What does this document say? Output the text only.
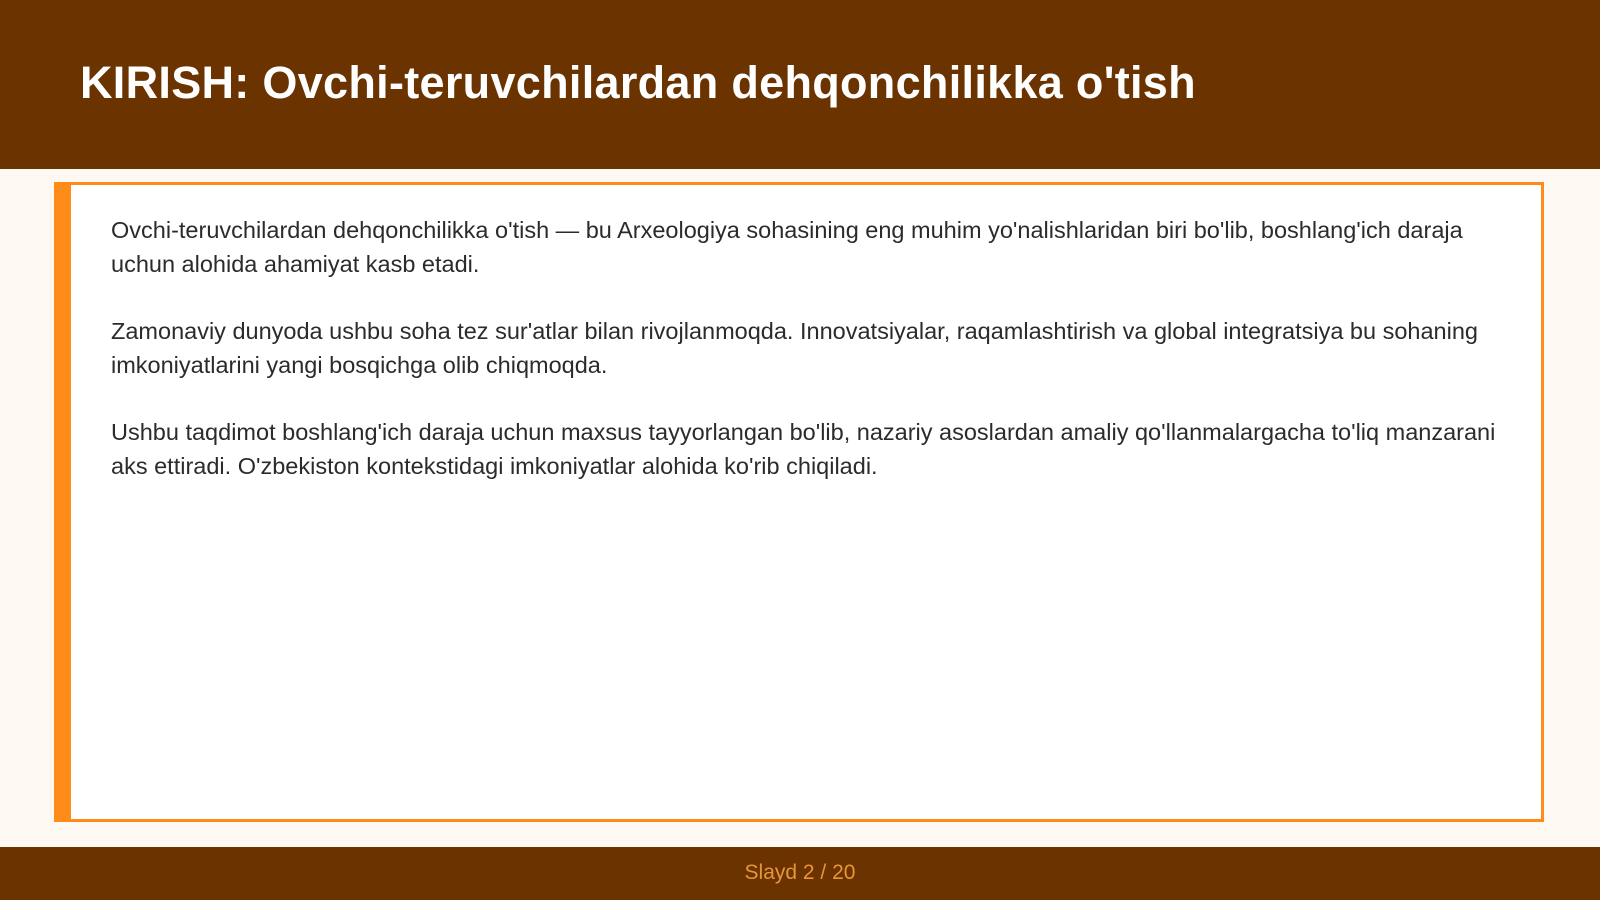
KIRISH: Ovchi-teruvchilardan dehqonchilikka o'tish

Ovchi-teruvchilardan dehqonchilikka o'tish — bu Arxeologiya sohasining eng muhim yo'nalishlaridan biri bo'lib, boshlang'ich daraja uchun alohida ahamiyat kasb etadi.

Zamonaviy dunyoda ushbu soha tez sur'atlar bilan rivojlanmoqda. Innovatsiyalar, raqamlashtirish va global integratsiya bu sohaning imkoniyatlarini yangi bosqichga olib chiqmoqda.

Ushbu taqdimot boshlang'ich daraja uchun maxsus tayyorlangan bo'lib, nazariy asoslardan amaliy qo'llanmalargacha to'liq manzarani aks ettiradi. O'zbekiston kontekstidagi imkoniyatlar alohida ko'rib chiqiladi.

Slayd 2 / 20
